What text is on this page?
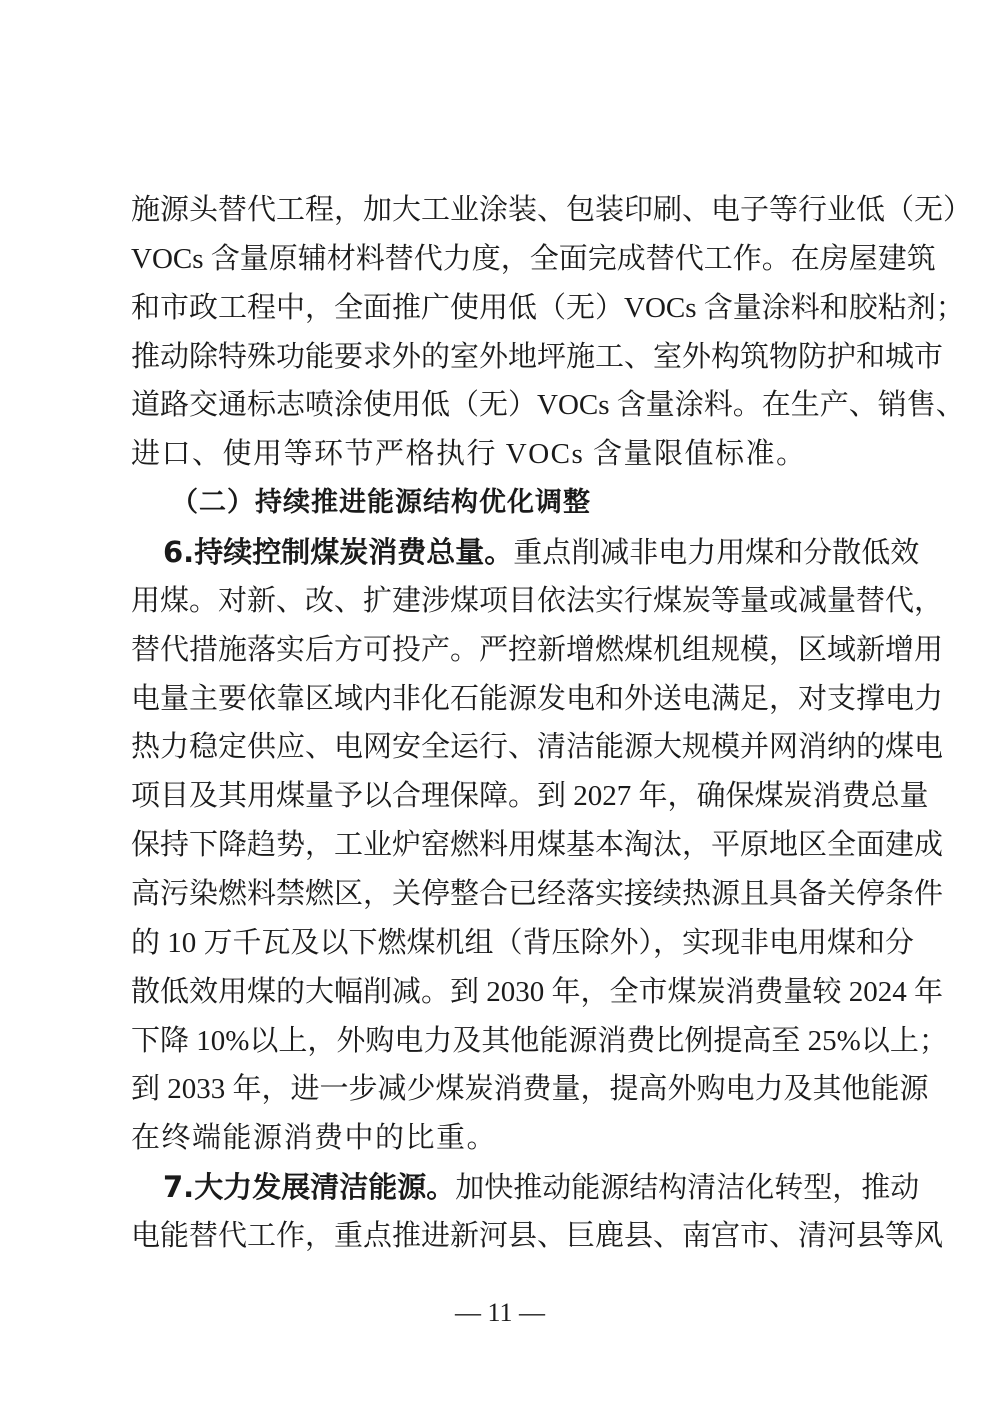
施源头替代工程，加大工业涂装、包装印刷、电子等行业低（无）
VOCs 含量原辅材料替代力度，全面完成替代工作。在房屋建筑
和市政工程中，全面推广使用低（无）VOCs 含量涂料和胶粘剂；
推动除特殊功能要求外的室外地坪施工、室外构筑物防护和城市
道路交通标志喷涂使用低（无）VOCs 含量涂料。在生产、销售、
进口、使用等环节严格执行 VOCs 含量限值标准。
（二）持续推进能源结构优化调整
6.持续控制煤炭消费总量。重点削减非电力用煤和分散低效
用煤。对新、改、扩建涉煤项目依法实行煤炭等量或减量替代，
替代措施落实后方可投产。严控新增燃煤机组规模，区域新增用
电量主要依靠区域内非化石能源发电和外送电满足，对支撑电力
热力稳定供应、电网安全运行、清洁能源大规模并网消纳的煤电
项目及其用煤量予以合理保障。到 2027 年，确保煤炭消费总量
保持下降趋势，工业炉窑燃料用煤基本淘汰，平原地区全面建成
高污染燃料禁燃区，关停整合已经落实接续热源且具备关停条件
的 10 万千瓦及以下燃煤机组（背压除外），实现非电用煤和分
散低效用煤的大幅削减。到 2030 年，全市煤炭消费量较 2024 年
下降 10%以上，外购电力及其他能源消费比例提高至 25%以上；
到 2033 年，进一步减少煤炭消费量，提高外购电力及其他能源
在终端能源消费中的比重。
7.大力发展清洁能源。加快推动能源结构清洁化转型，推动
电能替代工作，重点推进新河县、巨鹿县、南宫市、清河县等风
— 11 —
